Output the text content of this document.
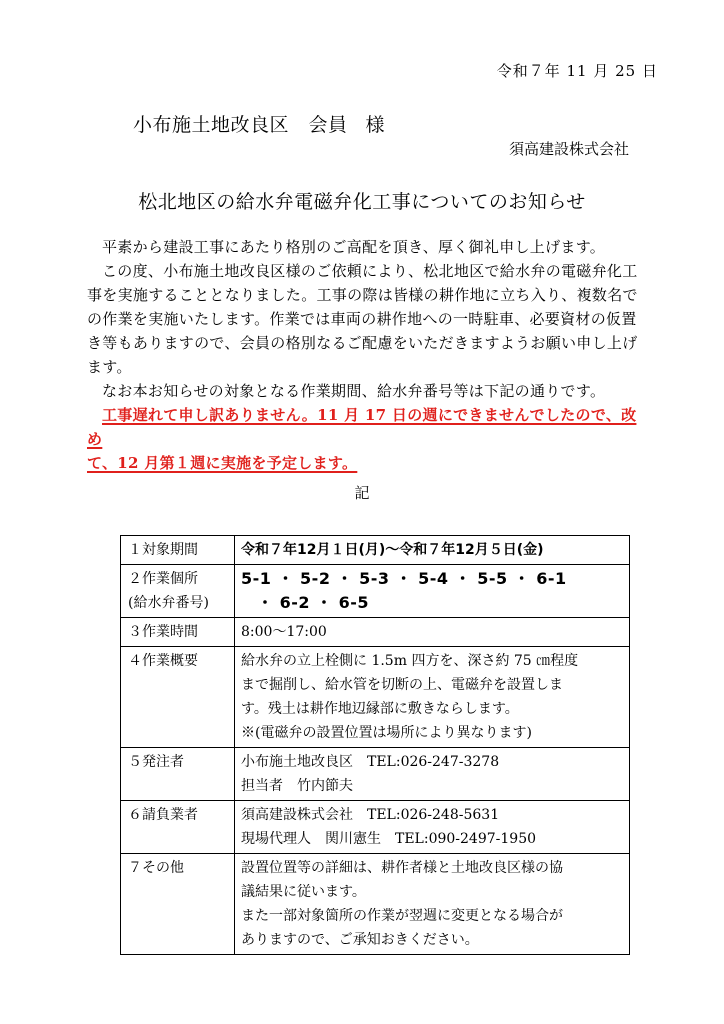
令和７年 11 月 25 日
小布施土地改良区　会員 様
須高建設株式会社
松北地区の給水弁電磁弁化工事についてのお知らせ

平素から建設工事にあたり格別のご高配を頂き、厚く御礼申し上げます。

この度、小布施土地改良区様のご依頼により、松北地区で給水弁の電磁弁化工事を実施することとなりました。工事の際は皆様の耕作地に立ち入り、複数名での作業を実施いたします。作業では車両の耕作地への一時駐車、必要資材の仮置き等もありますので、会員の格別なるご配慮をいただきますようお願い申し上げます。

なお本お知らせの対象となる作業期間、給水弁番号等は下記の通りです。

工事遅れて申し訳ありません。11 月 17 日の週にできませんでしたので、改め

て、12 月第１週に実施を予定します。

記
１対象期間	令和７年12月１日(月)～令和７年12月５日(金)

２作業個所
(給水弁番号)	5-1 ・ 5-2 ・ 5-3 ・ 5-4 ・ 5-5 ・ 6-1
・ 6-2 ・ 6-5

３作業時間	8:00～17:00
４作業概要	給水弁の立上栓側に 1.5m 四方を、深さ約 75 ㎝程度
まで掘削し、給水管を切断の上、電磁弁を設置しま
す。残土は耕作地辺縁部に敷きならします。
※(電磁弁の設置位置は場所により異なります)

５発注者	小布施土地改良区　TEL:026-247-3278
担当者　竹内節夫

６請負業者	須高建設株式会社　TEL:026-248-5631
現場代理人　関川憲生　TEL:090-2497-1950

７その他	設置位置等の詳細は、耕作者様と土地改良区様の協
議結果に従います。
また一部対象箇所の作業が翌週に変更となる場合が
ありますので、ご承知おきください。
